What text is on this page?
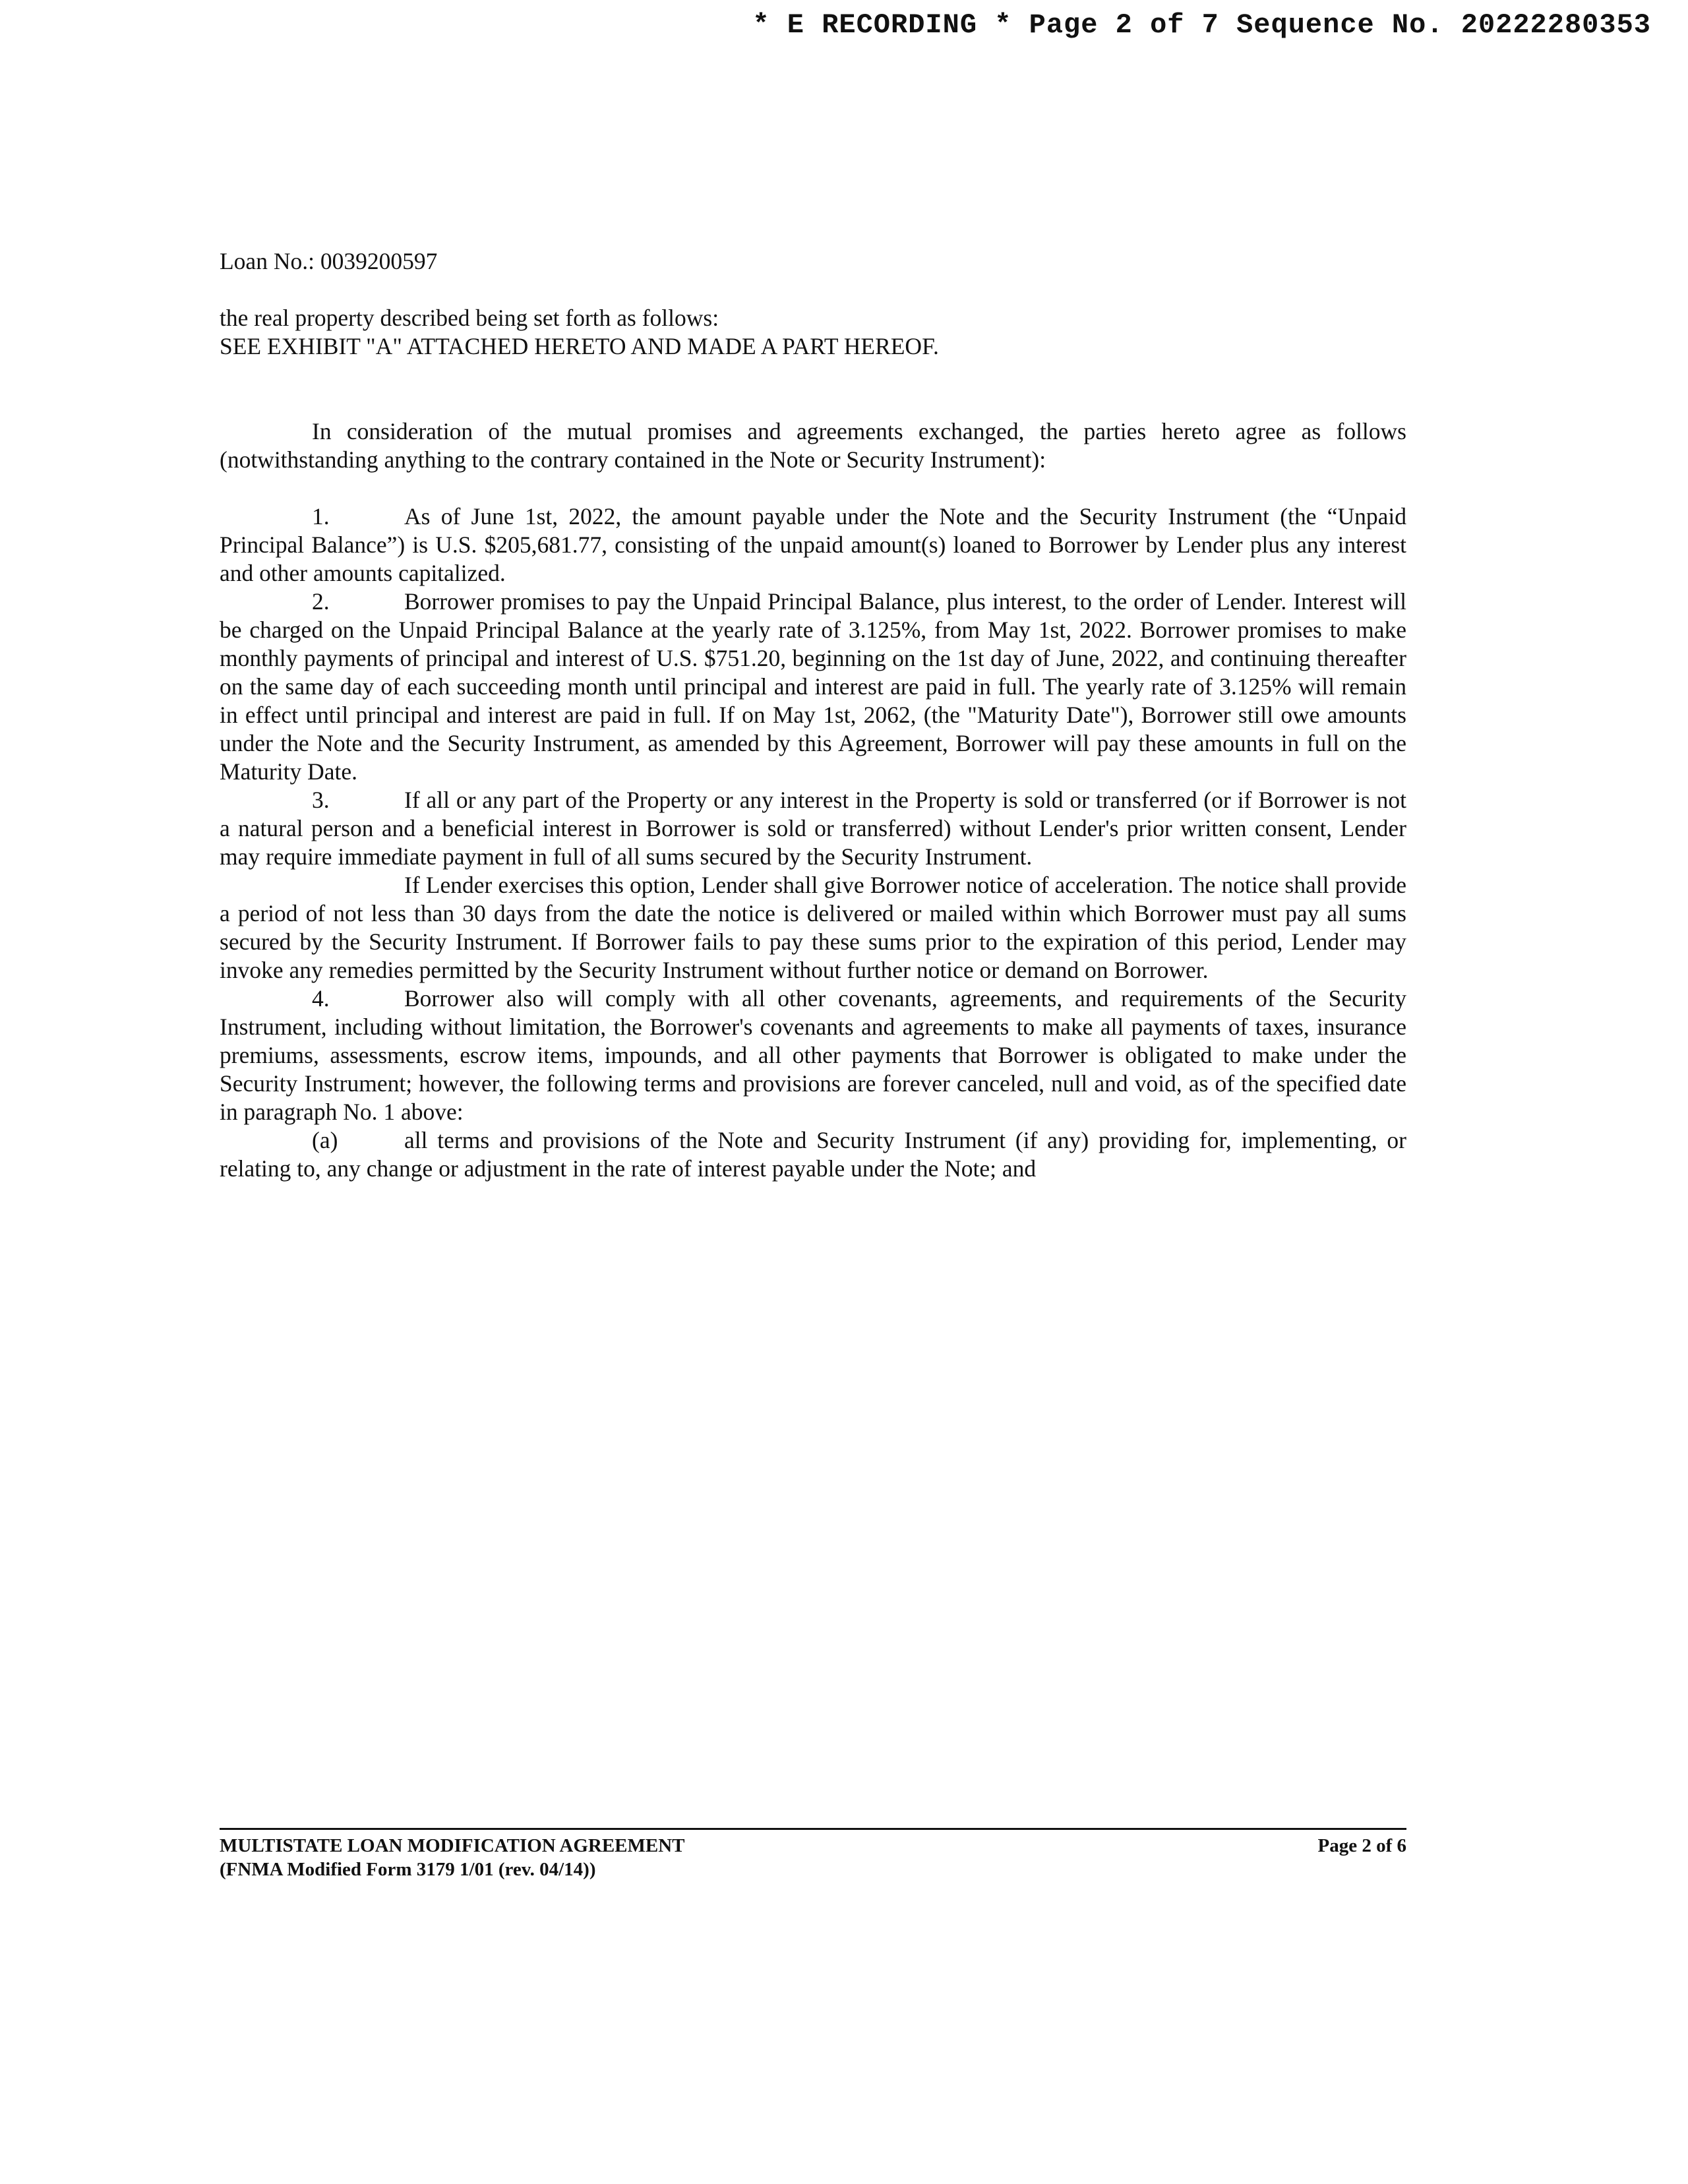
* E RECORDING * Page 2 of 7 Sequence No. 20222280353

Loan No.: 0039200597

the real property described being set forth as follows:

SEE EXHIBIT "A" ATTACHED HERETO AND MADE A PART HEREOF.

In consideration of the mutual promises and agreements exchanged, the parties hereto agree as follows (notwithstanding anything to the contrary contained in the Note or Security Instrument):

1.	As of June 1st, 2022, the amount payable under the Note and the Security Instrument (the “Unpaid Principal Balance”) is U.S. $205,681.77, consisting of the unpaid amount(s) loaned to Borrower by Lender plus any interest and other amounts capitalized.

2.	Borrower promises to pay the Unpaid Principal Balance, plus interest, to the order of Lender. Interest will be charged on the Unpaid Principal Balance at the yearly rate of 3.125%, from May 1st, 2022. Borrower promises to make monthly payments of principal and interest of U.S. $751.20, beginning on the 1st day of June, 2022, and continuing thereafter on the same day of each succeeding month until principal and interest are paid in full. The yearly rate of 3.125% will remain in effect until principal and interest are paid in full. If on May 1st, 2062, (the "Maturity Date"), Borrower still owe amounts under the Note and the Security Instrument, as amended by this Agreement, Borrower will pay these amounts in full on the Maturity Date.

3.	If all or any part of the Property or any interest in the Property is sold or transferred (or if Borrower is not a natural person and a beneficial interest in Borrower is sold or transferred) without Lender's prior written consent, Lender may require immediate payment in full of all sums secured by the Security Instrument.

If Lender exercises this option, Lender shall give Borrower notice of acceleration. The notice shall provide a period of not less than 30 days from the date the notice is delivered or mailed within which Borrower must pay all sums secured by the Security Instrument. If Borrower fails to pay these sums prior to the expiration of this period, Lender may invoke any remedies permitted by the Security Instrument without further notice or demand on Borrower.

4.	Borrower also will comply with all other covenants, agreements, and requirements of the Security Instrument, including without limitation, the Borrower's covenants and agreements to make all payments of taxes, insurance premiums, assessments, escrow items, impounds, and all other payments that Borrower is obligated to make under the Security Instrument; however, the following terms and provisions are forever canceled, null and void, as of the specified date in paragraph No. 1 above:

(a)	all terms and provisions of the Note and Security Instrument (if any) providing for, implementing, or relating to, any change or adjustment in the rate of interest payable under the Note; and

MULTISTATE LOAN MODIFICATION AGREEMENT
(FNMA Modified Form 3179 1/01 (rev. 04/14))
Page 2 of 6
